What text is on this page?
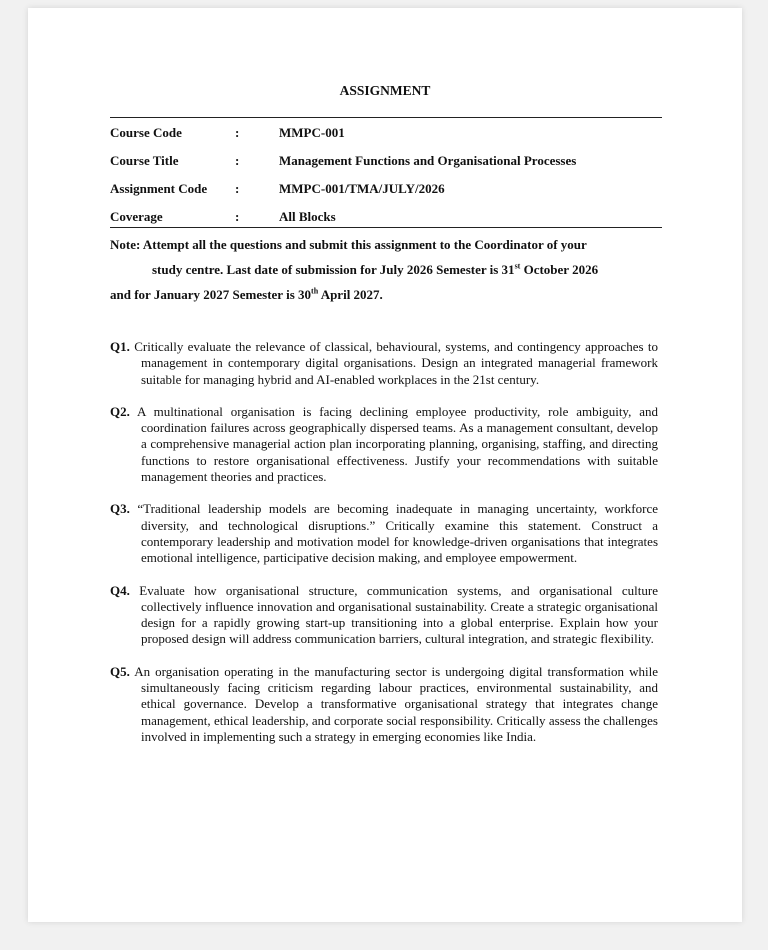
ASSIGNMENT
Course Code	:	MMPC-001
Course Title	:	Management Functions and Organisational Processes
Assignment Code	:	MMPC-001/TMA/JULY/2026
Coverage	:	All Blocks
Note: Attempt all the questions and submit this assignment to the Coordinator of your
study centre. Last date of submission for July 2026 Semester is 31st October 2026
and for January 2027 Semester is 30th April 2027.

Q1. Critically evaluate the relevance of classical, behavioural, systems, and contingency approaches to management in contemporary digital organisations. Design an integrated managerial framework suitable for managing hybrid and AI-enabled workplaces in the 21st century.

Q2. A multinational organisation is facing declining employee productivity, role ambiguity, and coordination failures across geographically dispersed teams. As a management consultant, develop a comprehensive managerial action plan incorporating planning, organising, staffing, and directing functions to restore organisational effectiveness. Justify your recommendations with suitable management theories and practices.

Q3. “Traditional leadership models are becoming inadequate in managing uncertainty, workforce diversity, and technological disruptions.” Critically examine this statement. Construct a contemporary leadership and motivation model for knowledge-driven organisations that integrates emotional intelligence, participative decision making, and employee empowerment.

Q4. Evaluate how organisational structure, communication systems, and organisational culture collectively influence innovation and organisational sustainability. Create a strategic organisational design for a rapidly growing start-up transitioning into a global enterprise. Explain how your proposed design will address communication barriers, cultural integration, and strategic flexibility.

Q5. An organisation operating in the manufacturing sector is undergoing digital transformation while simultaneously facing criticism regarding labour practices, environmental sustainability, and ethical governance. Develop a transformative organisational strategy that integrates change management, ethical leadership, and corporate social responsibility. Critically assess the challenges involved in implementing such a strategy in emerging economies like India.
